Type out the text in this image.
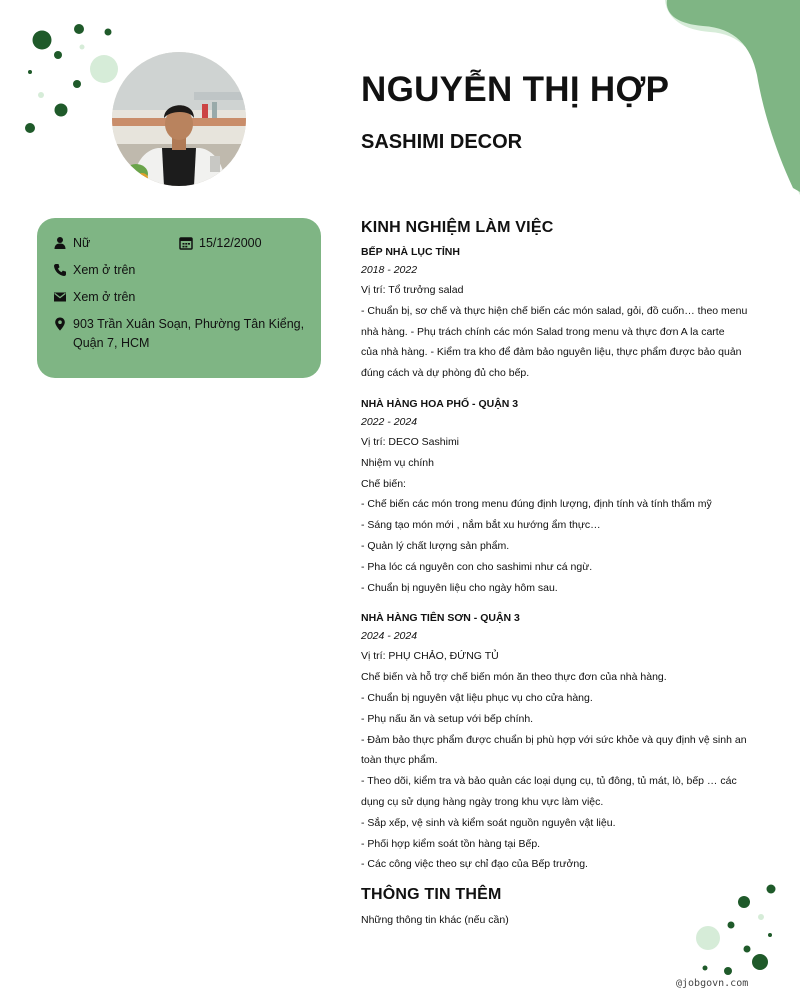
NGUYỄN THỊ HỢP
SASHIMI DECOR
Nữ	15/12/2000
Xem ở trên
Xem ở trên
903 Trần Xuân Soạn, Phường Tân Kiểng,
Quận 7, HCM
KINH NGHIỆM LÀM VIỆC

BẾP NHÀ LỤC TỈNH

2018 - 2022

Vị trí: Tổ trưởng salad

- Chuẩn bị, sơ chế và thực hiện chế biến các món salad, gỏi, đồ cuốn… theo menu

nhà hàng. - Phụ trách chính các món Salad trong menu và thực đơn A la carte

của nhà hàng. - Kiểm tra kho để đảm bảo nguyên liệu, thực phẩm được bảo quản

đúng cách và dự phòng đủ cho bếp.

NHÀ HÀNG HOA PHỐ - QUẬN 3

2022 - 2024

Vị trí: DECO Sashimi

Nhiệm vụ chính

Chế biến:

- Chế biến các món trong menu đúng định lượng, định tính và tính thẩm mỹ

- Sáng tạo món mới , nắm bắt xu hướng ẩm thực…

- Quản lý chất lượng sản phẩm.

- Pha lóc cá nguyên con cho sashimi như cá ngừ.

- Chuẩn bị nguyên liệu cho ngày hôm sau.

NHÀ HÀNG TIÊN SƠN - QUẬN 3

2024 - 2024

Vị trí: PHỤ CHẢO, ĐỨNG TỦ

Chế biến và hỗ trợ chế biến món ăn theo thực đơn của nhà hàng.

- Chuẩn bị nguyên vật liệu phục vụ cho cửa hàng.

- Phụ nấu ăn và setup với bếp chính.

- Đảm bảo thực phẩm được chuẩn bị phù hợp với sức khỏe và quy định vệ sinh an

toàn thực phẩm.

- Theo dõi, kiểm tra và bảo quản các loại dụng cụ, tủ đông, tủ mát, lò, bếp … các

dụng cụ sử dụng hàng ngày trong khu vực làm việc.

- Sắp xếp, vệ sinh và kiểm soát nguồn nguyên vật liệu.

- Phối hợp kiểm soát tồn hàng tại Bếp.

- Các công việc theo sự chỉ đạo của Bếp trưởng.

THÔNG TIN THÊM

Những thông tin khác (nếu cần)

@jobgovn.com
